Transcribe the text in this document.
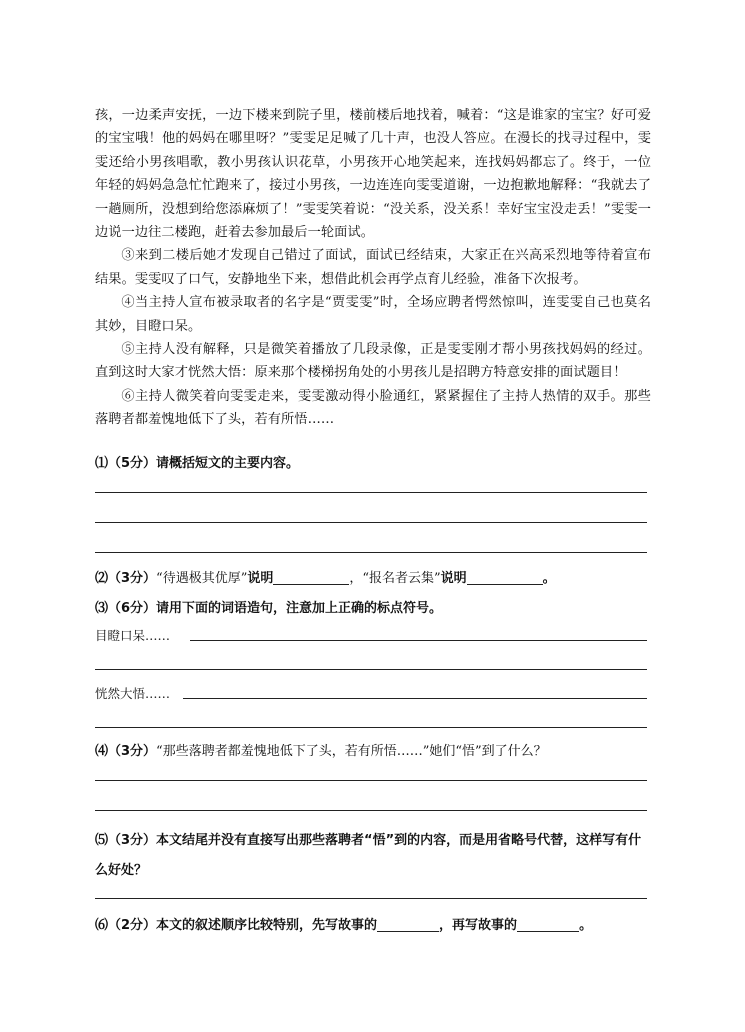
孩，一边柔声安抚，一边下楼来到院子里，楼前楼后地找着，喊着：“这是谁家的宝宝？好可爱的宝宝哦！他的妈妈在哪里呀？”雯雯足足喊了几十声，也没人答应。在漫长的找寻过程中，雯雯还给小男孩唱歌，教小男孩认识花草，小男孩开心地笑起来，连找妈妈都忘了。终于，一位年轻的妈妈急急忙忙跑来了，接过小男孩，一边连连向雯雯道谢，一边抱歉地解释：“我就去了一趟厕所，没想到给您添麻烦了！”雯雯笑着说：“没关系，没关系！幸好宝宝没走丢！”雯雯一边说一边往二楼跑，赶着去参加最后一轮面试。

③来到二楼后她才发现自己错过了面试，面试已经结束，大家正在兴高采烈地等待着宣布结果。雯雯叹了口气，安静地坐下来，想借此机会再学点育儿经验，准备下次报考。

④当主持人宣布被录取者的名字是“贾雯雯”时，全场应聘者愕然惊叫，连雯雯自己也莫名其妙，目瞪口呆。

⑤主持人没有解释，只是微笑着播放了几段录像，正是雯雯刚才帮小男孩找妈妈的经过。直到这时大家才恍然大悟：原来那个楼梯拐角处的小男孩儿是招聘方特意安排的面试题目！

⑥主持人微笑着向雯雯走来，雯雯激动得小脸通红，紧紧握住了主持人热情的双手。那些落聘者都羞愧地低下了头，若有所悟……

⑴（5分）请概括短文的主要内容。
⑵（3分）“待遇极其优厚”说明	，“报名者云集”说明	。
⑶（6分）请用下面的词语造句，注意加上正确的标点符号。
目瞪口呆……
恍然大悟……
⑷（3分）“那些落聘者都羞愧地低下了头，若有所悟……”她们“悟”到了什么？
⑸（3分）本文结尾并没有直接写出那些落聘者“悟”到的内容，而是用省略号代替，这样写有什么好处？
⑹（2分）本文的叙述顺序比较特别，先写故事的	，再写故事的	。
